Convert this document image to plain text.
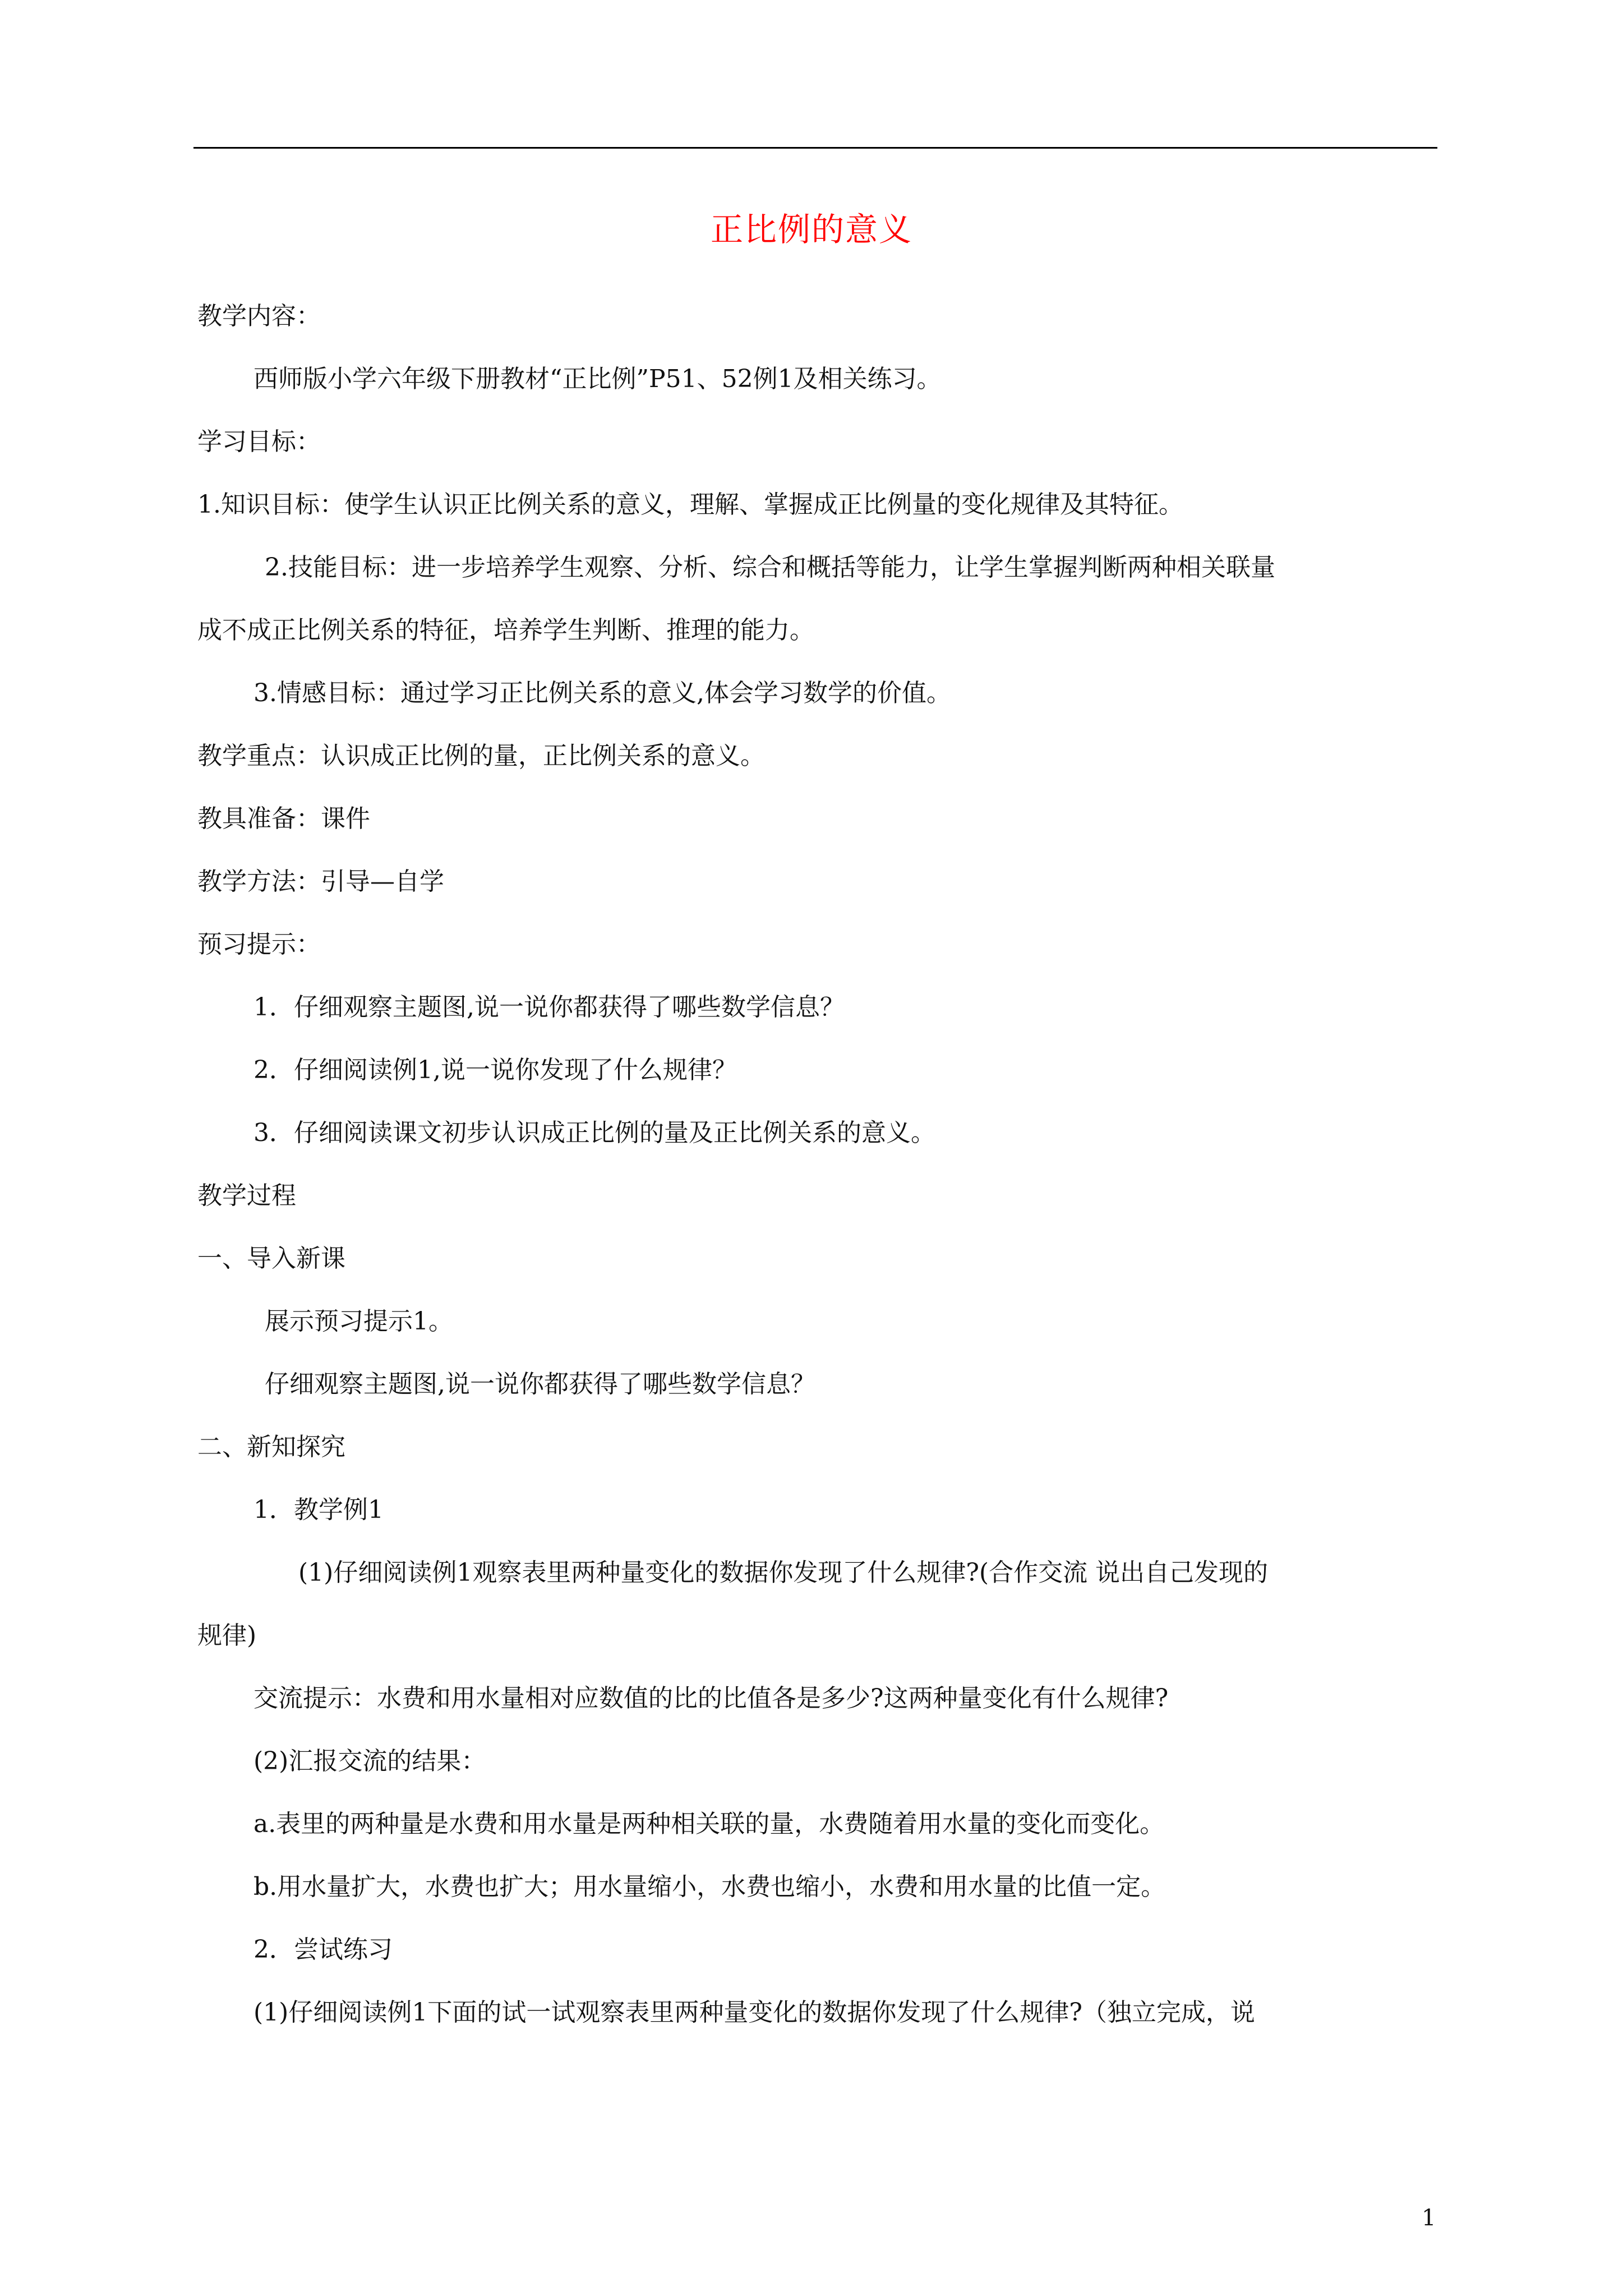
正比例的意义
教学内容：
西师版小学六年级下册教材“正比例”P51、52例1及相关练习。
学习目标：
1.知识目标：使学生认识正比例关系的意义，理解、掌握成正比例量的变化规律及其特征。
2.技能目标：进一步培养学生观察、分析、综合和概括等能力，让学生掌握判断两种相关联量
成不成正比例关系的特征，培养学生判断、推理的能力。
3.情感目标：通过学习正比例关系的意义,体会学习数学的价值。
教学重点：认识成正比例的量，正比例关系的意义。
教具准备：课件
教学方法：引导—自学
预习提示：
1．仔细观察主题图,说一说你都获得了哪些数学信息？
2．仔细阅读例1,说一说你发现了什么规律？
3．仔细阅读课文初步认识成正比例的量及正比例关系的意义。
教学过程
一、导入新课
展示预习提示1。
仔细观察主题图,说一说你都获得了哪些数学信息？
二、新知探究
1．教学例1
(1)仔细阅读例1观察表里两种量变化的数据你发现了什么规律?(合作交流 说出自己发现的
规律)
交流提示：水费和用水量相对应数值的比的比值各是多少?这两种量变化有什么规律?
(2)汇报交流的结果：
a.表里的两种量是水费和用水量是两种相关联的量，水费随着用水量的变化而变化。
b.用水量扩大，水费也扩大；用水量缩小，水费也缩小，水费和用水量的比值一定。
2．尝试练习
(1)仔细阅读例1下面的试一试观察表里两种量变化的数据你发现了什么规律?（独立完成，说
1
